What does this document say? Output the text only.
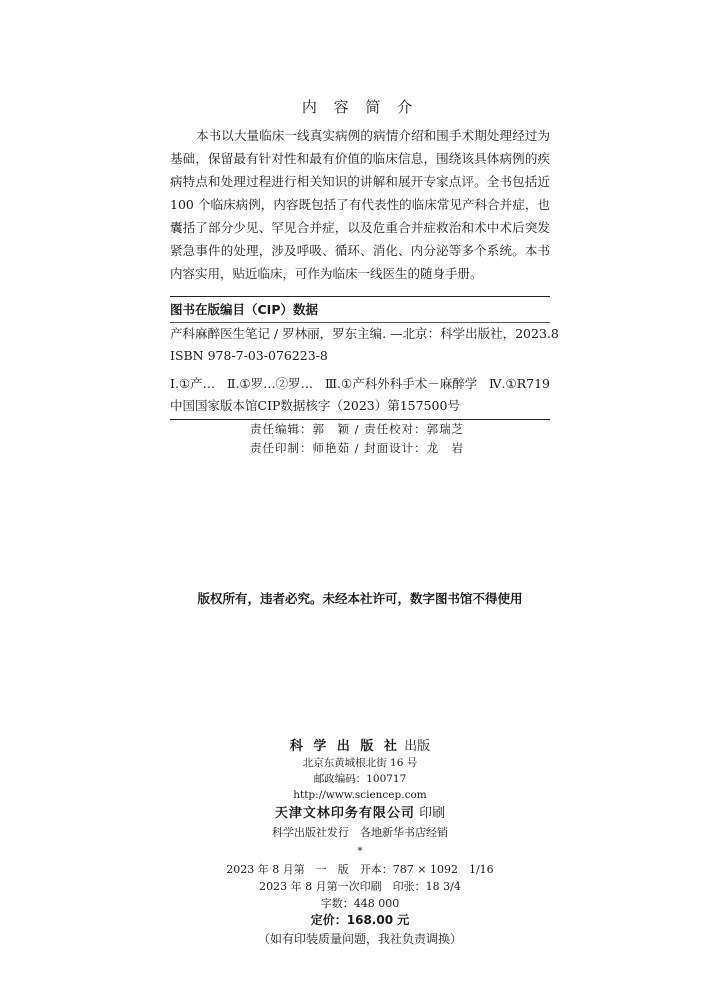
内 容 简 介

本书以大量临床一线真实病例的病情介绍和围手术期处理经过为基础，保留最有针对性和最有价值的临床信息，围绕该具体病例的疾病特点和处理过程进行相关知识的讲解和展开专家点评。全书包括近 100 个临床病例，内容既包括了有代表性的临床常见产科合并症，也囊括了部分少见、罕见合并症，以及危重合并症救治和术中术后突发紧急事件的处理，涉及呼吸、循环、消化、内分泌等多个系统。本书内容实用，贴近临床，可作为临床一线医生的随身手册。

图书在版编目（CIP）数据
产科麻醉医生笔记 / 罗林丽，罗东主编. —北京：科学出版社，2023.8
ISBN 978-7-03-076223-8
Ⅰ.①产… Ⅱ.①罗…②罗… Ⅲ.①产科外科手术－麻醉学 Ⅳ.①R719
中国国家版本馆CIP数据核字（2023）第157500号
责任编辑：郭　颖 / 责任校对：郭瑞芝
责任印制：师艳茹 / 封面设计：龙　岩
版权所有，违者必究。未经本社许可，数字图书馆不得使用
科 学 出 版 社 出版
北京东黄城根北街 16 号
邮政编码：100717
http://www.sciencep.com
天津文林印务有限公司 印刷
科学出版社发行　各地新华书店经销
*
2023 年 8 月第　一　版　开本：787 × 1092　1/16
2023 年 8 月第一次印刷　印张：18 3/4
字数：448 000
定价：168.00 元
（如有印装质量问题，我社负责调换）
